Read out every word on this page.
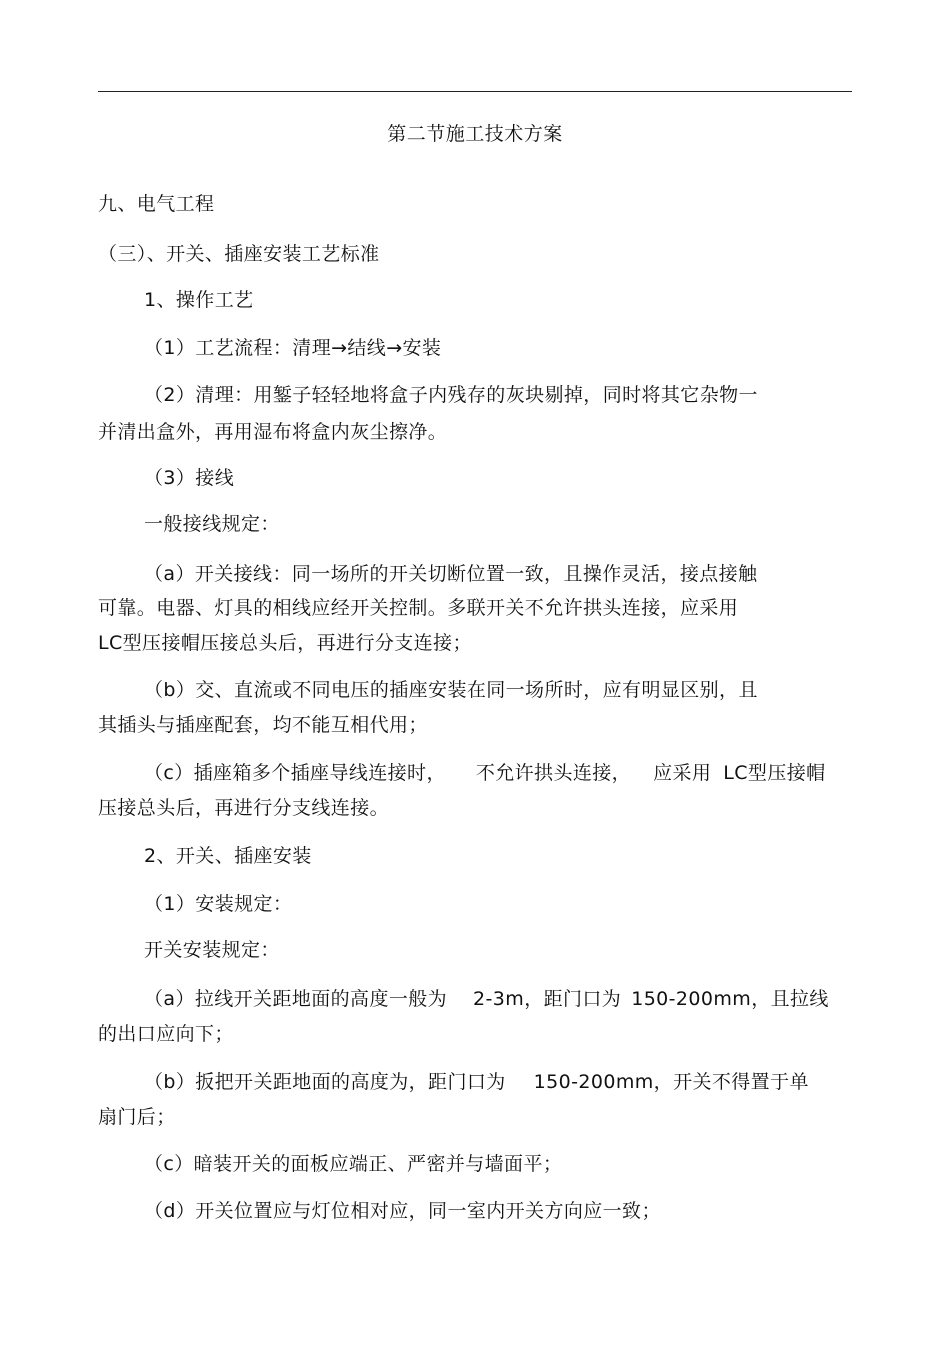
第二节施工技术方案
九、电气工程
（三）、开关、插座安装工艺标准
1、操作工艺
（1）工艺流程：清理→结线→安装
（2）清理：用錾子轻轻地将盒子内残存的灰块剔掉，同时将其它杂物一
并清出盒外，再用湿布将盒内灰尘擦净。
（3）接线
一般接线规定：
（a）开关接线：同一场所的开关切断位置一致，且操作灵活，接点接触
可靠。电器、灯具的相线应经开关控制。多联开关不允许拱头连接，应采用
LC型压接帽压接总头后，再进行分支连接；
（b）交、直流或不同电压的插座安装在同一场所时，应有明显区别，且
其插头与插座配套，均不能互相代用；
（c）插座箱多个插座导线连接时， 不允许拱头连接， 应采用 LC型压接帽
压接总头后，再进行分支线连接。
2、开关、插座安装
（1）安装规定：
开关安装规定：
（a）拉线开关距地面的高度一般为 2-3m，距门口为 150-200mm，且拉线
的出口应向下；
（b）扳把开关距地面的高度为，距门口为 150-200mm，开关不得置于单
扇门后；
（c）暗装开关的面板应端正、严密并与墙面平；
（d）开关位置应与灯位相对应，同一室内开关方向应一致；
